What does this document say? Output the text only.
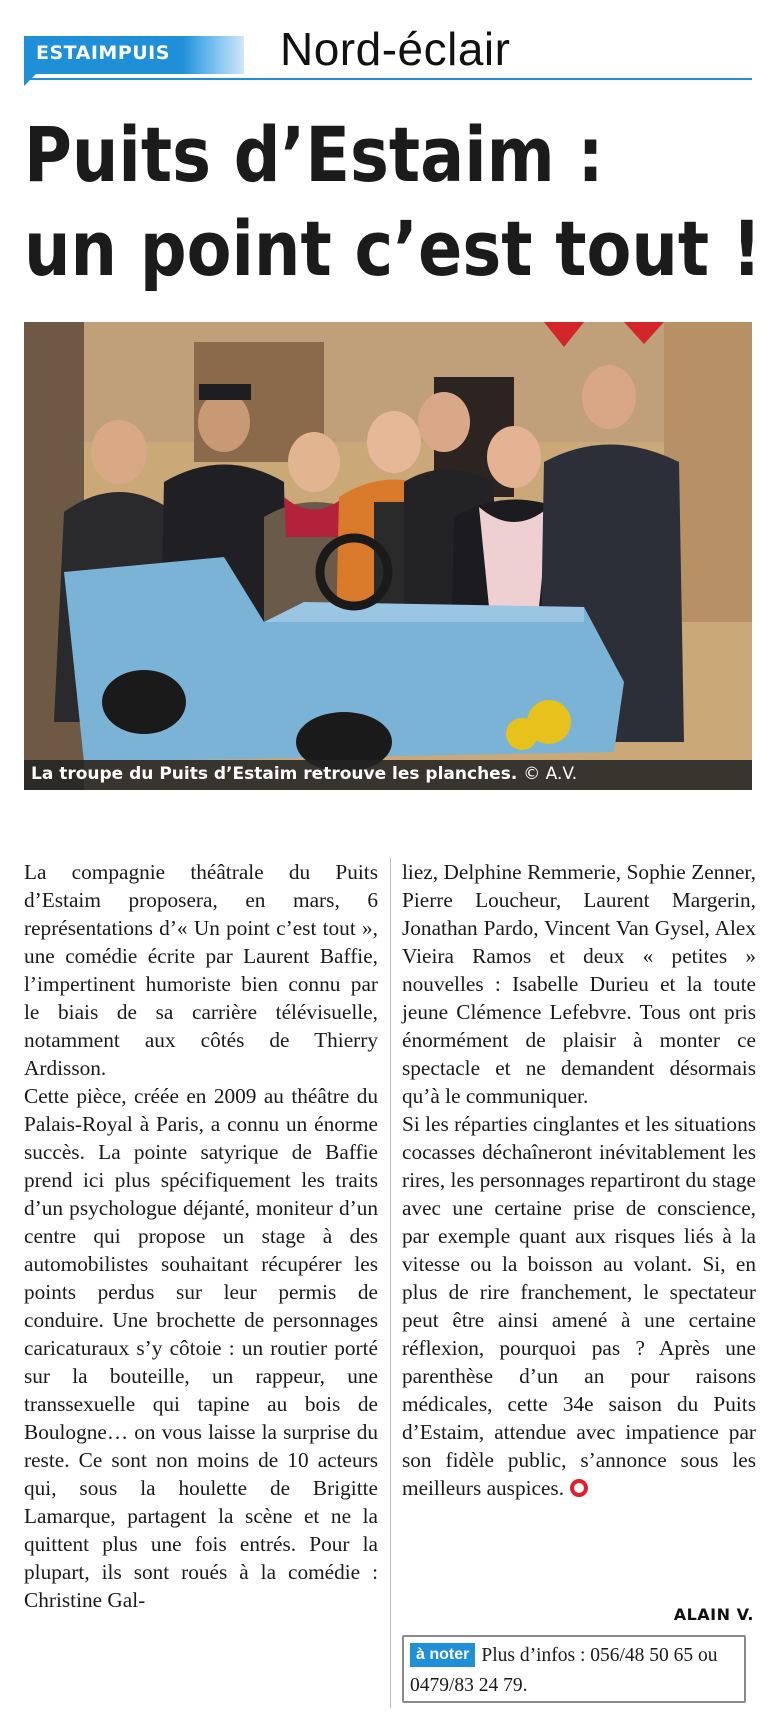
ESTAIMPUIS Nord-éclair
Puits d’Estaim :
un point c’est tout !
La troupe du Puits d’Estaim retrouve les planches. © A.V.

La compagnie théâtrale du Puits d’Estaim proposera, en mars, 6 représentations d’« Un point c’est tout », une comédie écrite par Laurent Baffie, l’impertinent humoriste bien connu par le biais de sa carrière télévisuelle, notamment aux côtés de Thierry Ardisson.

Cette pièce, créée en 2009 au théâtre du Palais-Royal à Paris, a connu un énorme succès. La pointe satyrique de Baffie prend ici plus spécifiquement les traits d’un psychologue déjanté, moniteur d’un centre qui propose un stage à des automobilistes souhaitant récupérer les points perdus sur leur permis de conduire. Une brochette de personnages caricaturaux s’y côtoie : un routier porté sur la bouteille, un rappeur, une transsexuelle qui tapine au bois de Boulogne… on vous laisse la surprise du reste. Ce sont non moins de 10 acteurs qui, sous la houlette de Brigitte Lamarque, partagent la scène et ne la quittent plus une fois entrés. Pour la plupart, ils sont roués à la comédie : Christine Gal-

liez, Delphine Remmerie, Sophie Zenner, Pierre Loucheur, Laurent Margerin, Jonathan Pardo, Vincent Van Gysel, Alex Vieira Ramos et deux « petites » nouvelles : Isabelle Durieu et la toute jeune Clémence Lefebvre. Tous ont pris énormément de plaisir à monter ce spectacle et ne demandent désormais qu’à le communiquer.

Si les réparties cinglantes et les situations cocasses déchaîneront inévitablement les rires, les personnages repartiront du stage avec une certaine prise de conscience, par exemple quant aux risques liés à la vitesse ou la boisson au volant. Si, en plus de rire franchement, le spectateur peut être ainsi amené à une certaine réflexion, pourquoi pas ? Après une parenthèse d’un an pour raisons médicales, cette 34e saison du Puits d’Estaim, attendue avec impatience par son fidèle public, s’annonce sous les meilleurs auspices.

ALAIN V.
à noter Plus d’infos : 056/48 50 65 ou 0479/83 24 79.
